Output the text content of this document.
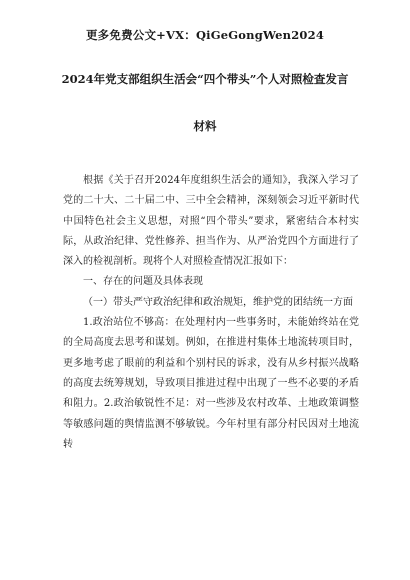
更多免费公文+VX：QiGeGongWen2024
2024年党支部组织生活会“四个带头”个人对照检查发言
材料

根据《关于召开2024年度组织生活会的通知》，我深入学习了党的二十大、二十届二中、三中全会精神，深刻领会习近平新时代中国特色社会主义思想，对照“四个带头”要求，紧密结合本村实际，从政治纪律、党性修养、担当作为、从严治党四个方面进行了深入的检视剖析。现将个人对照检查情况汇报如下：

一、存在的问题及具体表现

（一）带头严守政治纪律和政治规矩，维护党的团结统一方面

1.政治站位不够高：在处理村内一些事务时，未能始终站在党的全局高度去思考和谋划。例如，在推进村集体土地流转项目时，更多地考虑了眼前的利益和个别村民的诉求，没有从乡村振兴战略的高度去统筹规划，导致项目推进过程中出现了一些不必要的矛盾和阻力。2.政治敏锐性不足：对一些涉及农村改革、土地政策调整等敏感问题的舆情监测不够敏锐。今年村里有部分村民因对土地流转
